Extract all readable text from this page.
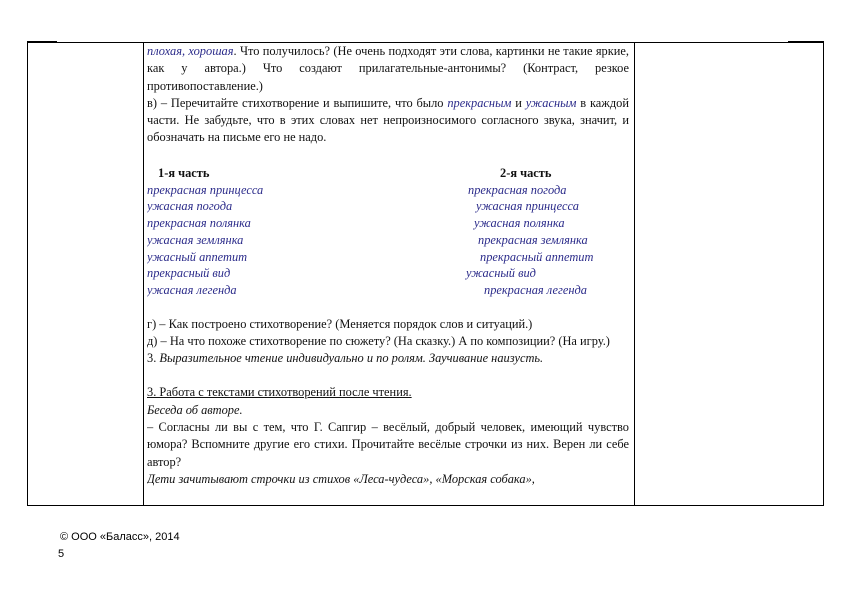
плохая, хорошая. Что получилось? (Не очень подходят эти слова, картинки не такие яркие, как у автора.) Что создают прилагательные-антонимы? (Контраст, резкое противопоставление.)

в) – Перечитайте стихотворение и выпишите, что было прекрасным и ужасным в каждой части. Не забудьте, что в этих словах нет непроизносимого согласного звука, значит, и обозначать на письме его не надо.

1-я часть	2-я часть
прекрасная принцесса	прекрасная погода
ужасная погода	ужасная принцесса
прекрасная полянка	ужасная полянка
ужасная землянка	прекрасная землянка
ужасный аппетит	прекрасный аппетит
прекрасный вид	ужасный вид
ужасная легенда	прекрасная легенда

г) – Как построено стихотворение? (Меняется порядок слов и ситуаций.)

д) – На что похоже стихотворение по сюжету? (На сказку.) А по композиции? (На игру.)

3. Выразительное чтение индивидуально и по ролям. Заучивание наизусть.

3. Работа с текстами стихотворений после чтения.

Беседа об авторе.

– Согласны ли вы с тем, что Г. Сапгир – весёлый, добрый человек, имеющий чувство юмора? Вспомните другие его стихи. Прочитайте весёлые строчки из них. Верен ли себе автор?

Дети зачитывают строчки из стихов «Леса-чудеса», «Морская собака»,

© ООО «Баласс», 2014
5
